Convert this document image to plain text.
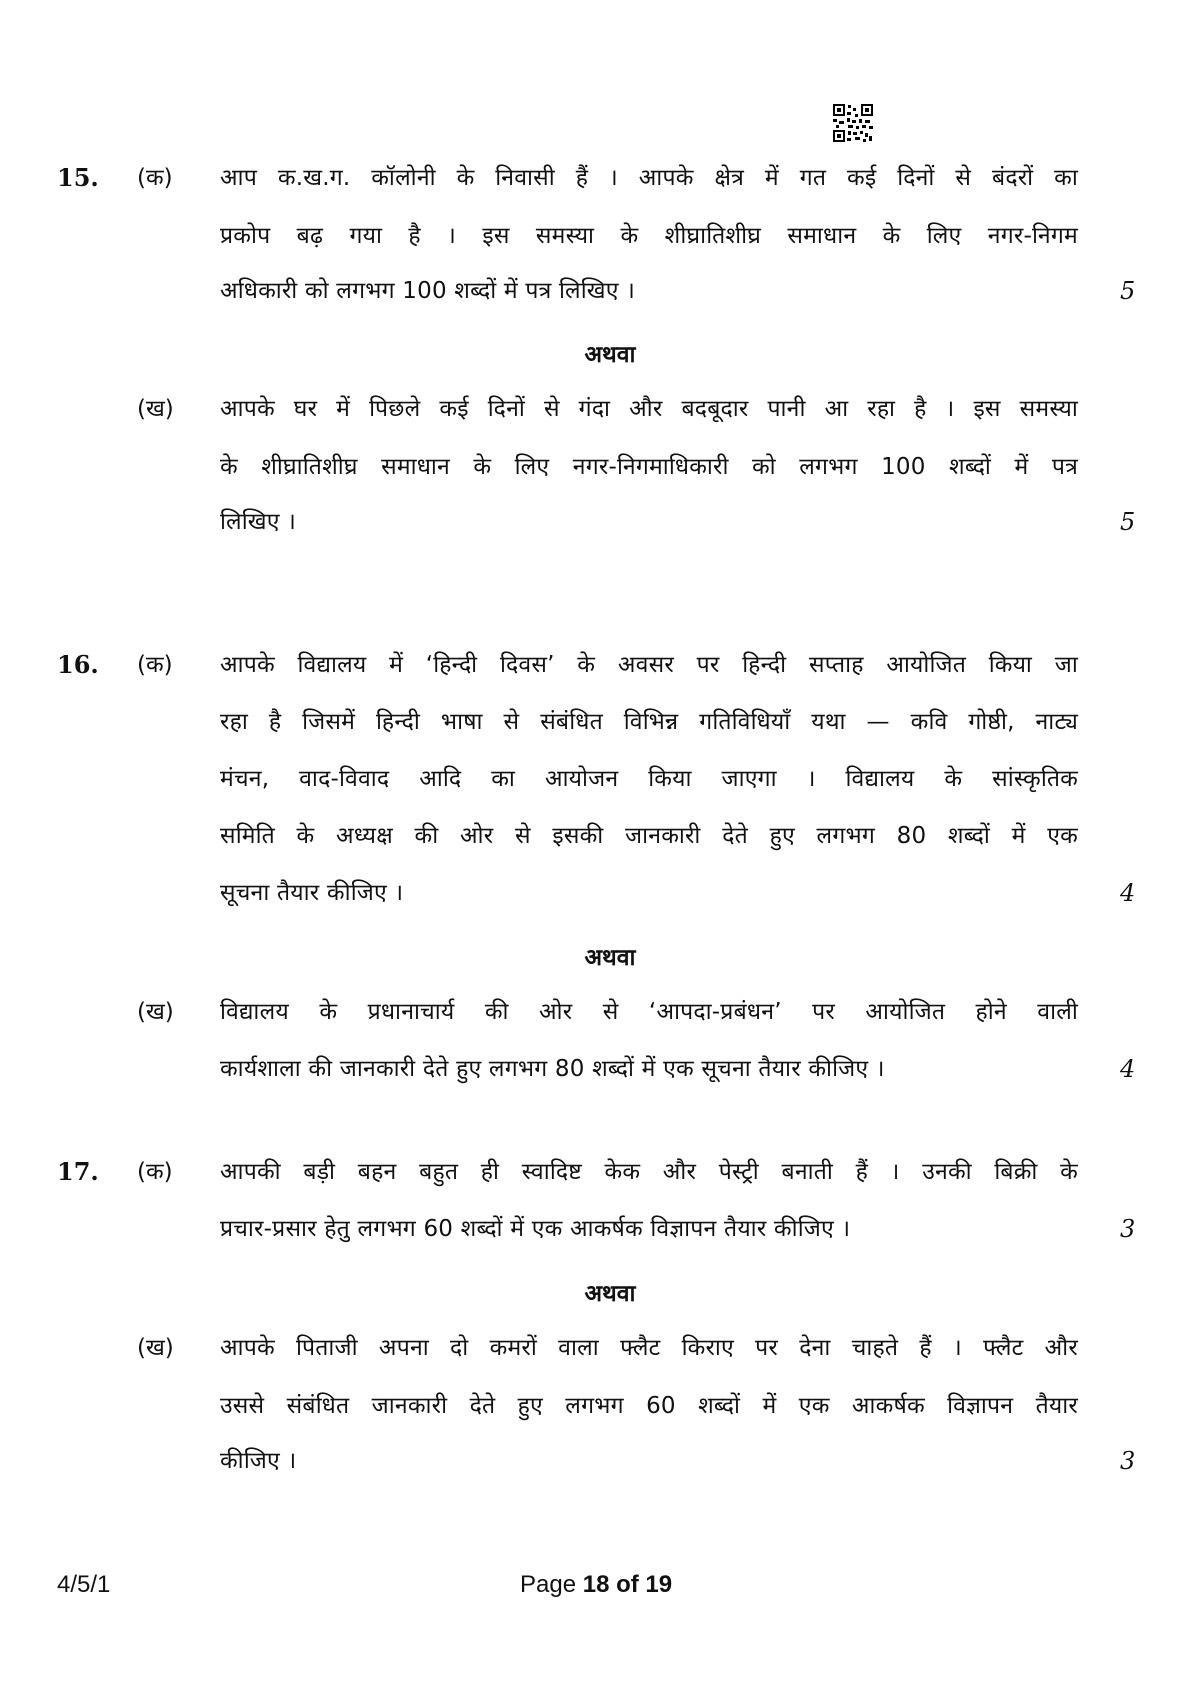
15. (क) आप क.ख.ग. कॉलोनी के निवासी हैं । आपके क्षेत्र में गत कई दिनों से बंदरों का
प्रकोप बढ़ गया है । इस समस्या के शीघ्रातिशीघ्र समाधान के लिए नगर-निगम
अधिकारी को लगभग 100 शब्दों में पत्र लिखिए ।	5
अथवा
(ख) आपके घर में पिछले कई दिनों से गंदा और बदबूदार पानी आ रहा है । इस समस्या
के शीघ्रातिशीघ्र समाधान के लिए नगर-निगमाधिकारी को लगभग 100 शब्दों में पत्र
लिखिए ।	5
16. (क) आपके विद्यालय में ‘हिन्दी दिवस’ के अवसर पर हिन्दी सप्ताह आयोजित किया जा
रहा है जिसमें हिन्दी भाषा से संबंधित विभिन्न गतिविधियाँ यथा — कवि गोष्ठी, नाट्य
मंचन, वाद-विवाद आदि का आयोजन किया जाएगा । विद्यालय के सांस्कृतिक
समिति के अध्यक्ष की ओर से इसकी जानकारी देते हुए लगभग 80 शब्दों में एक
सूचना तैयार कीजिए ।	4
अथवा
(ख) विद्यालय के प्रधानाचार्य की ओर से ‘आपदा-प्रबंधन’ पर आयोजित होने वाली
कार्यशाला की जानकारी देते हुए लगभग 80 शब्दों में एक सूचना तैयार कीजिए ।	4
17. (क) आपकी बड़ी बहन बहुत ही स्वादिष्ट केक और पेस्ट्री बनाती हैं । उनकी बिक्री के
प्रचार-प्रसार हेतु लगभग 60 शब्दों में एक आकर्षक विज्ञापन तैयार कीजिए ।	3
अथवा
(ख) आपके पिताजी अपना दो कमरों वाला फ्लैट किराए पर देना चाहते हैं । फ्लैट और
उससे संबंधित जानकारी देते हुए लगभग 60 शब्दों में एक आकर्षक विज्ञापन तैयार
कीजिए ।	3
4/5/1	Page 18 of 19
